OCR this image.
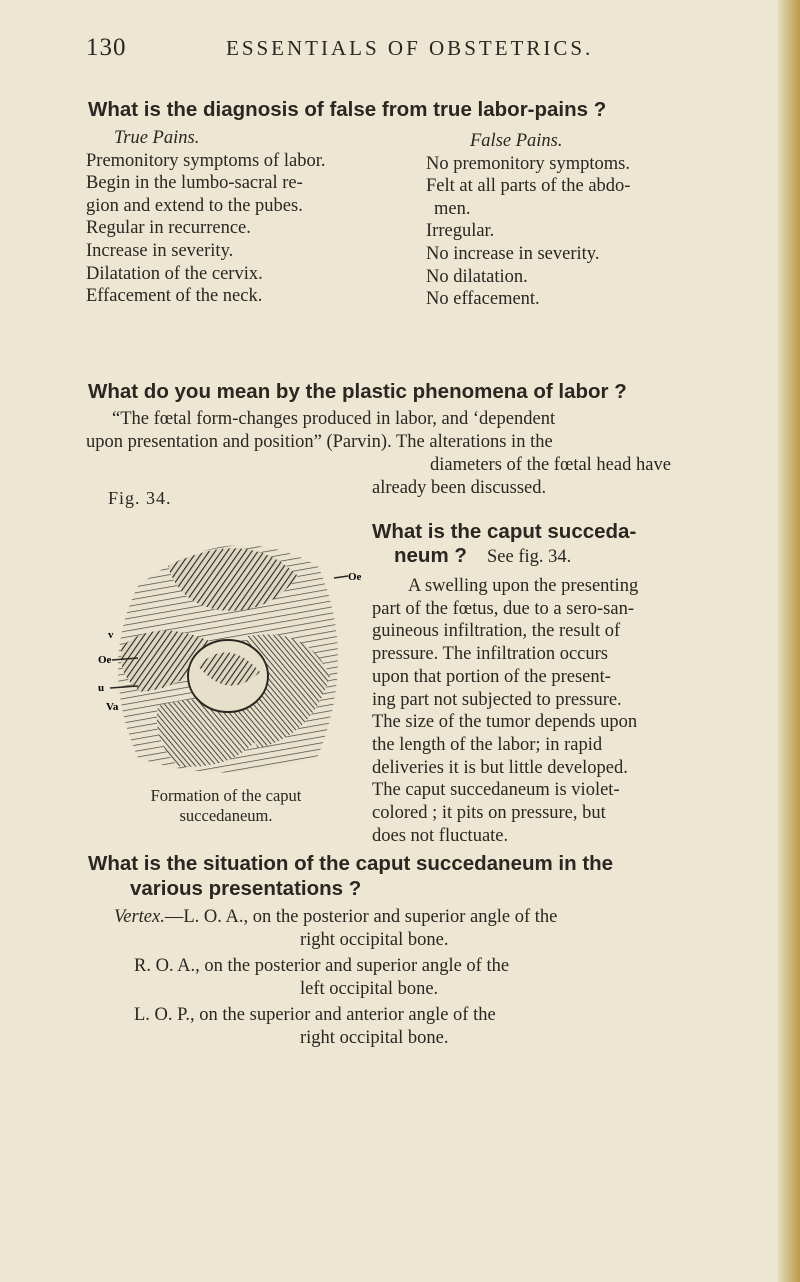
130	ESSENTIALS OF OBSTETRICS.
What is the diagnosis of false from true labor-pains ?
True Pains.
Premonitory symptoms of labor.
Begin in the lumbo-sacral re-
gion and extend to the pubes.
Regular in recurrence.
Increase in severity.
Dilatation of the cervix.
Effacement of the neck.
False Pains.
No premonitory symptoms.
Felt at all parts of the abdo-
men.
Irregular.
No increase in severity.
No dilatation.
No effacement.
What do you mean by the plastic phenomena of labor ?
“The fœtal form-changes produced in labor, and ‘dependent
upon presentation and position” (Parvin). The alterations in the
diameters of the fœtal head have
already been discussed.
Fig. 34.
Oe
Oe
u
Va
v
Formation of the caput
succedaneum.
What is the caput succeda-
neum ? See fig. 34.
A swelling upon the presenting
part of the fœtus, due to a sero-san-
guineous infiltration, the result of
pressure. The infiltration occurs
upon that portion of the present-
ing part not subjected to pressure.
The size of the tumor depends upon
the length of the labor; in rapid
deliveries it is but little developed.
The caput succedaneum is violet-
colored ; it pits on pressure, but
does not fluctuate.
What is the situation of the caput succedaneum in the
various presentations ?
Vertex.—L. O. A., on the posterior and superior angle of the
right occipital bone.
R. O. A., on the posterior and superior angle of the
left occipital bone.
L. O. P., on the superior and anterior angle of the
right occipital bone.
